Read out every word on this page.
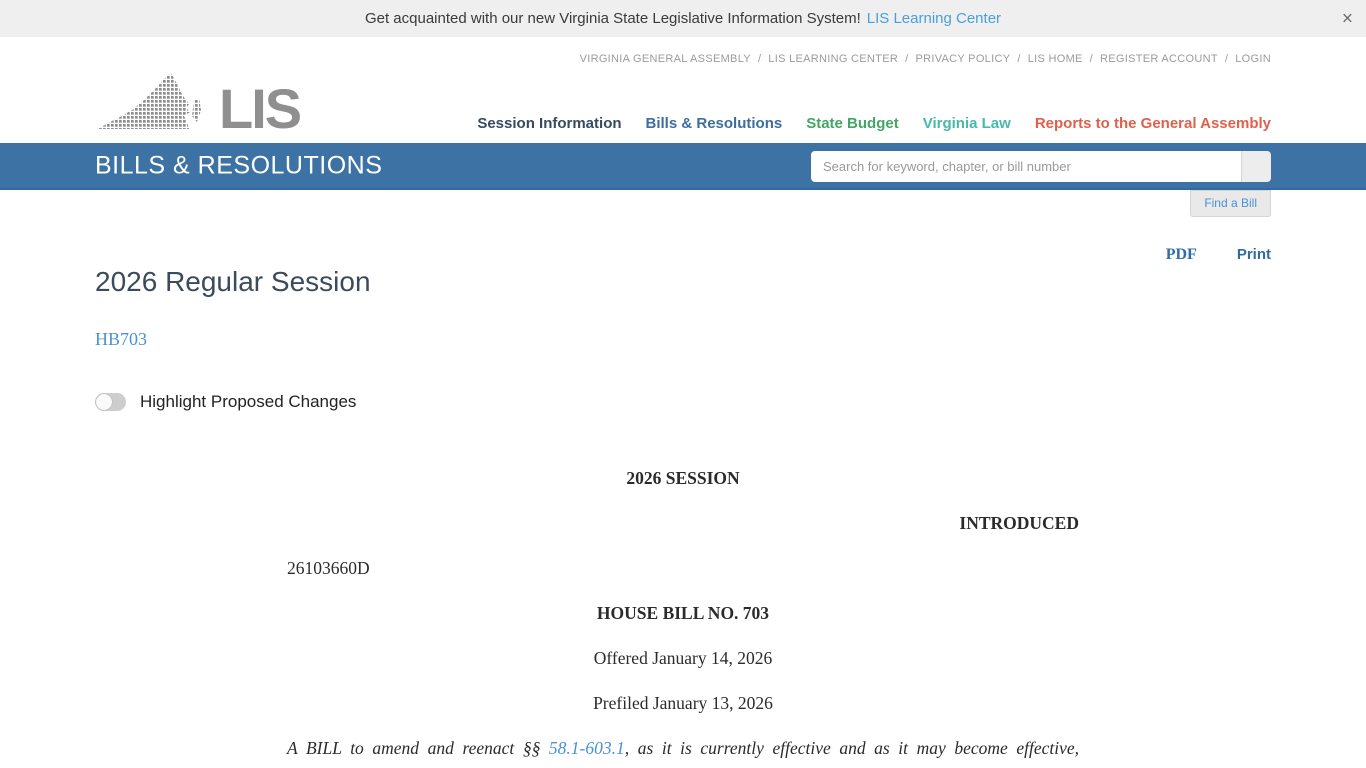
Get acquainted with our new Virginia State Legislative Information System! LIS Learning Center	×
VIRGINIA GENERAL ASSEMBLY / LIS LEARNING CENTER / PRIVACY POLICY / LIS HOME / REGISTER ACCOUNT / LOGIN
LIS	Session Information Bills & Resolutions State Budget Virginia Law Reports to the General Assembly
BILLS & RESOLUTIONS
Search for keyword, chapter, or bill number
Find a Bill
PDF	Print
2026 Regular Session
HB703
Highlight Proposed Changes
2026 SESSION
INTRODUCED
26103660D
HOUSE BILL NO. 703
Offered January 14, 2026
Prefiled January 13, 2026
A BILL to amend and reenact §§ 58.1-603.1, as it is currently effective and as it may become effective,
